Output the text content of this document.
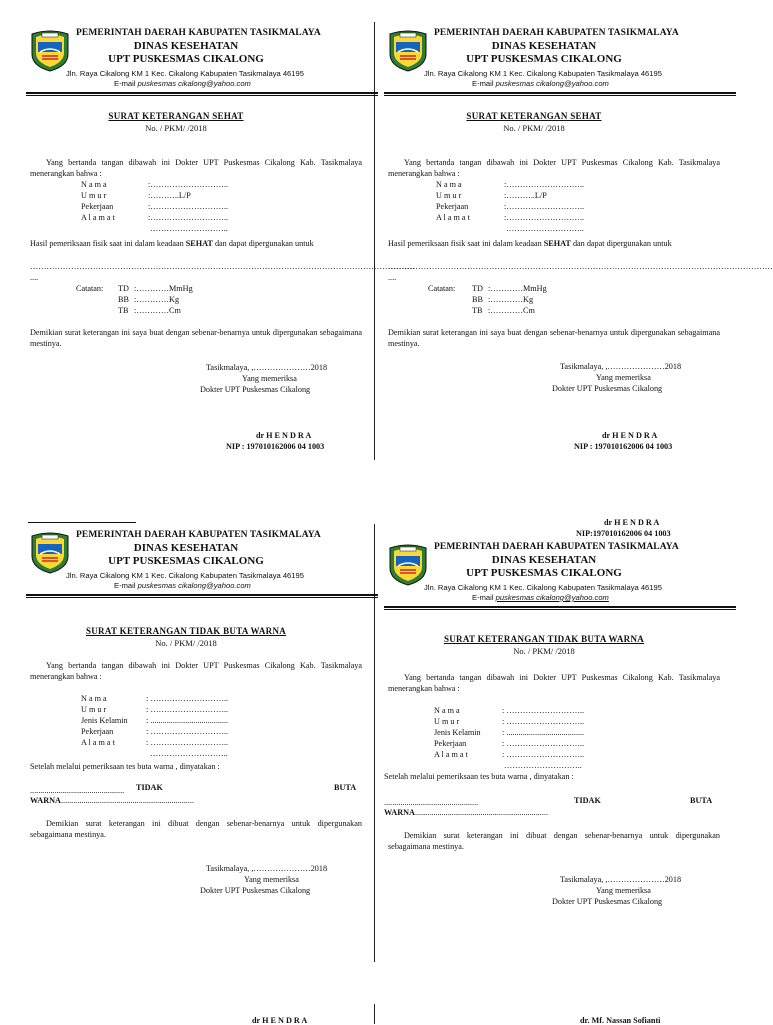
PEMERINTAH DAERAH KABUPATEN TASIKMALAYA
DINAS KESEHATAN
UPT PUSKESMAS CIKALONG
Jln. Raya Cikalong KM 1 Kec. Cikalong Kabupaten Tasikmalaya 46195
E-mail puskesmas cikalong@yahoo.com
SURAT KETERANGAN SEHAT
No. / PKM/ /2018
Yang bertanda tangan dibawah ini Dokter UPT Puskesmas Cikalong Kab. Tasikmalaya menerangkan bahwa :
N a m a	:………………………..
U m u r	:………..L/P
Pekerjaan	:………………………..
A l a m a t	:………………………..
………………………..
Hasil pemeriksaan fisik saat ini dalam keadaan SEHAT dan dapat dipergunakan untuk
……………………………………………………………………………………………………………………………
....
Catatan: TD :…………MmHg
BB :…………Kg
TB :…………Cm
Demikian surat keterangan ini saya buat dengan sebenar-benarnya untuk dipergunakan sebagaimana mestinya.
Tasikmalaya, ,…………………2018
Yang memeriksa
Dokter UPT Puskesmas Cikalong
dr H E N D R A
NIP : 197010162006 04 1003
PEMERINTAH DAERAH KABUPATEN TASIKMALAYA
DINAS KESEHATAN
UPT PUSKESMAS CIKALONG
Jln. Raya Cikalong KM 1 Kec. Cikalong Kabupaten Tasikmalaya 46195
E-mail puskesmas cikalong@yahoo.com
SURAT KETERANGAN SEHAT
No. / PKM/ /2018
Yang bertanda tangan dibawah ini Dokter UPT Puskesmas Cikalong Kab. Tasikmalaya menerangkan bahwa :
N a m a	:………………………..
U m u r	:………..L/P
Pekerjaan	:………………………..
A l a m a t	:………………………..
………………………..
Hasil pemeriksaan fisik saat ini dalam keadaan SEHAT dan dapat dipergunakan untuk
……………………………………………………………………………………………………………………………
....
Catatan: TD :…………MmHg
BB :…………Kg
TB :…………Cm
Demikian surat keterangan ini saya buat dengan sebenar-benarnya untuk dipergunakan sebagaimana mestinya.
Tasikmalaya, ,…………………2018
Yang memeriksa
Dokter UPT Puskesmas Cikalong
dr H E N D R A
NIP : 197010162006 04 1003
PEMERINTAH DAERAH KABUPATEN TASIKMALAYA
DINAS KESEHATAN
UPT PUSKESMAS CIKALONG
Jln. Raya Cikalong KM 1 Kec. Cikalong Kabupaten Tasikmalaya 46195
E-mail puskesmas cikalong@yahoo.com
SURAT KETERANGAN TIDAK BUTA WARNA
No. / PKM/ /2018
Yang bertanda tangan dibawah ini Dokter UPT Puskesmas Cikalong Kab. Tasikmalaya menerangkan bahwa :
N a m a	: ………………………..
U m u r	: ………………………..
Jenis Kelamin : ......................................
Pekerjaan	: ………………………..
A l a m a t	: ………………………..
………………………..
Setelah melalui pemeriksaan tes buta warna , dinyatakan :
.............................................. TIDAK	BUTA
WARNA.................................................................
Demikian surat keterangan ini dibuat dengan sebenar-benarnya untuk dipergunakan sebagaimana mestinya.
Tasikmalaya, ,…………………2018
Yang memeriksa
Dokter UPT Puskesmas Cikalong
dr H E N D R A
NIP:197010162006 04 1003
PEMERINTAH DAERAH KABUPATEN TASIKMALAYA
DINAS KESEHATAN
UPT PUSKESMAS CIKALONG
Jln. Raya Cikalong KM 1 Kec. Cikalong Kabupaten Tasikmalaya 46195
E-mail puskesmas cikalong@yahoo.com
SURAT KETERANGAN TIDAK BUTA WARNA
No. / PKM/ /2018
Yang bertanda tangan dibawah ini Dokter UPT Puskesmas Cikalong Kab. Tasikmalaya menerangkan bahwa :
N a m a	: ………………………..
U m u r	: ………………………..
Jenis Kelamin	: ......................................
Pekerjaan	: ………………………..
A l a m a t	: ………………………..
………………………..
Setelah melalui pemeriksaan tes buta warna , dinyatakan :
..............................................	TIDAK	BUTA
WARNA.................................................................
Demikian surat keterangan ini dibuat dengan sebenar-benarnya untuk dipergunakan sebagaimana mestinya.
Tasikmalaya, ,…………………2018
Yang memeriksa
Dokter UPT Puskesmas Cikalong
dr H E N D R A	dr. Mf. Nassan Sofianti
